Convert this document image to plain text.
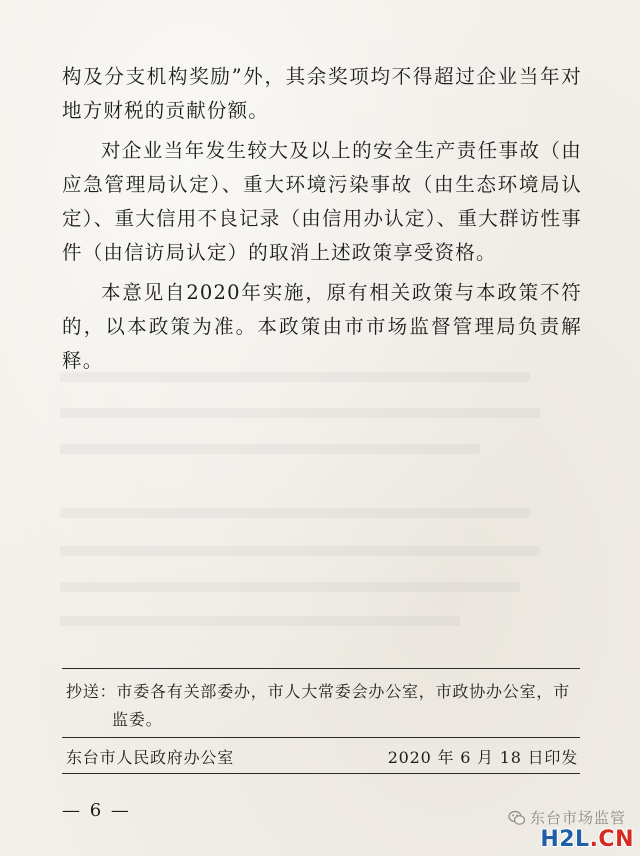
构及分支机构奖励”外，其余奖项均不得超过企业当年对地方财税的贡献份额。

对企业当年发生较大及以上的安全生产责任事故（由应急管理局认定）、重大环境污染事故（由生态环境局认定）、重大信用不良记录（由信用办认定）、重大群访性事件（由信访局认定）的取消上述政策享受资格。

本意见自2020年实施，原有相关政策与本政策不符的，以本政策为准。本政策由市市场监督管理局负责解释。

抄送：市委各有关部委办，市人大常委会办公室，市政协办公室，市
监委。
东台市人民政府办公室	2020 年 6 月 18 日印发
— 6 —	东台市场监管
H2L.CN
